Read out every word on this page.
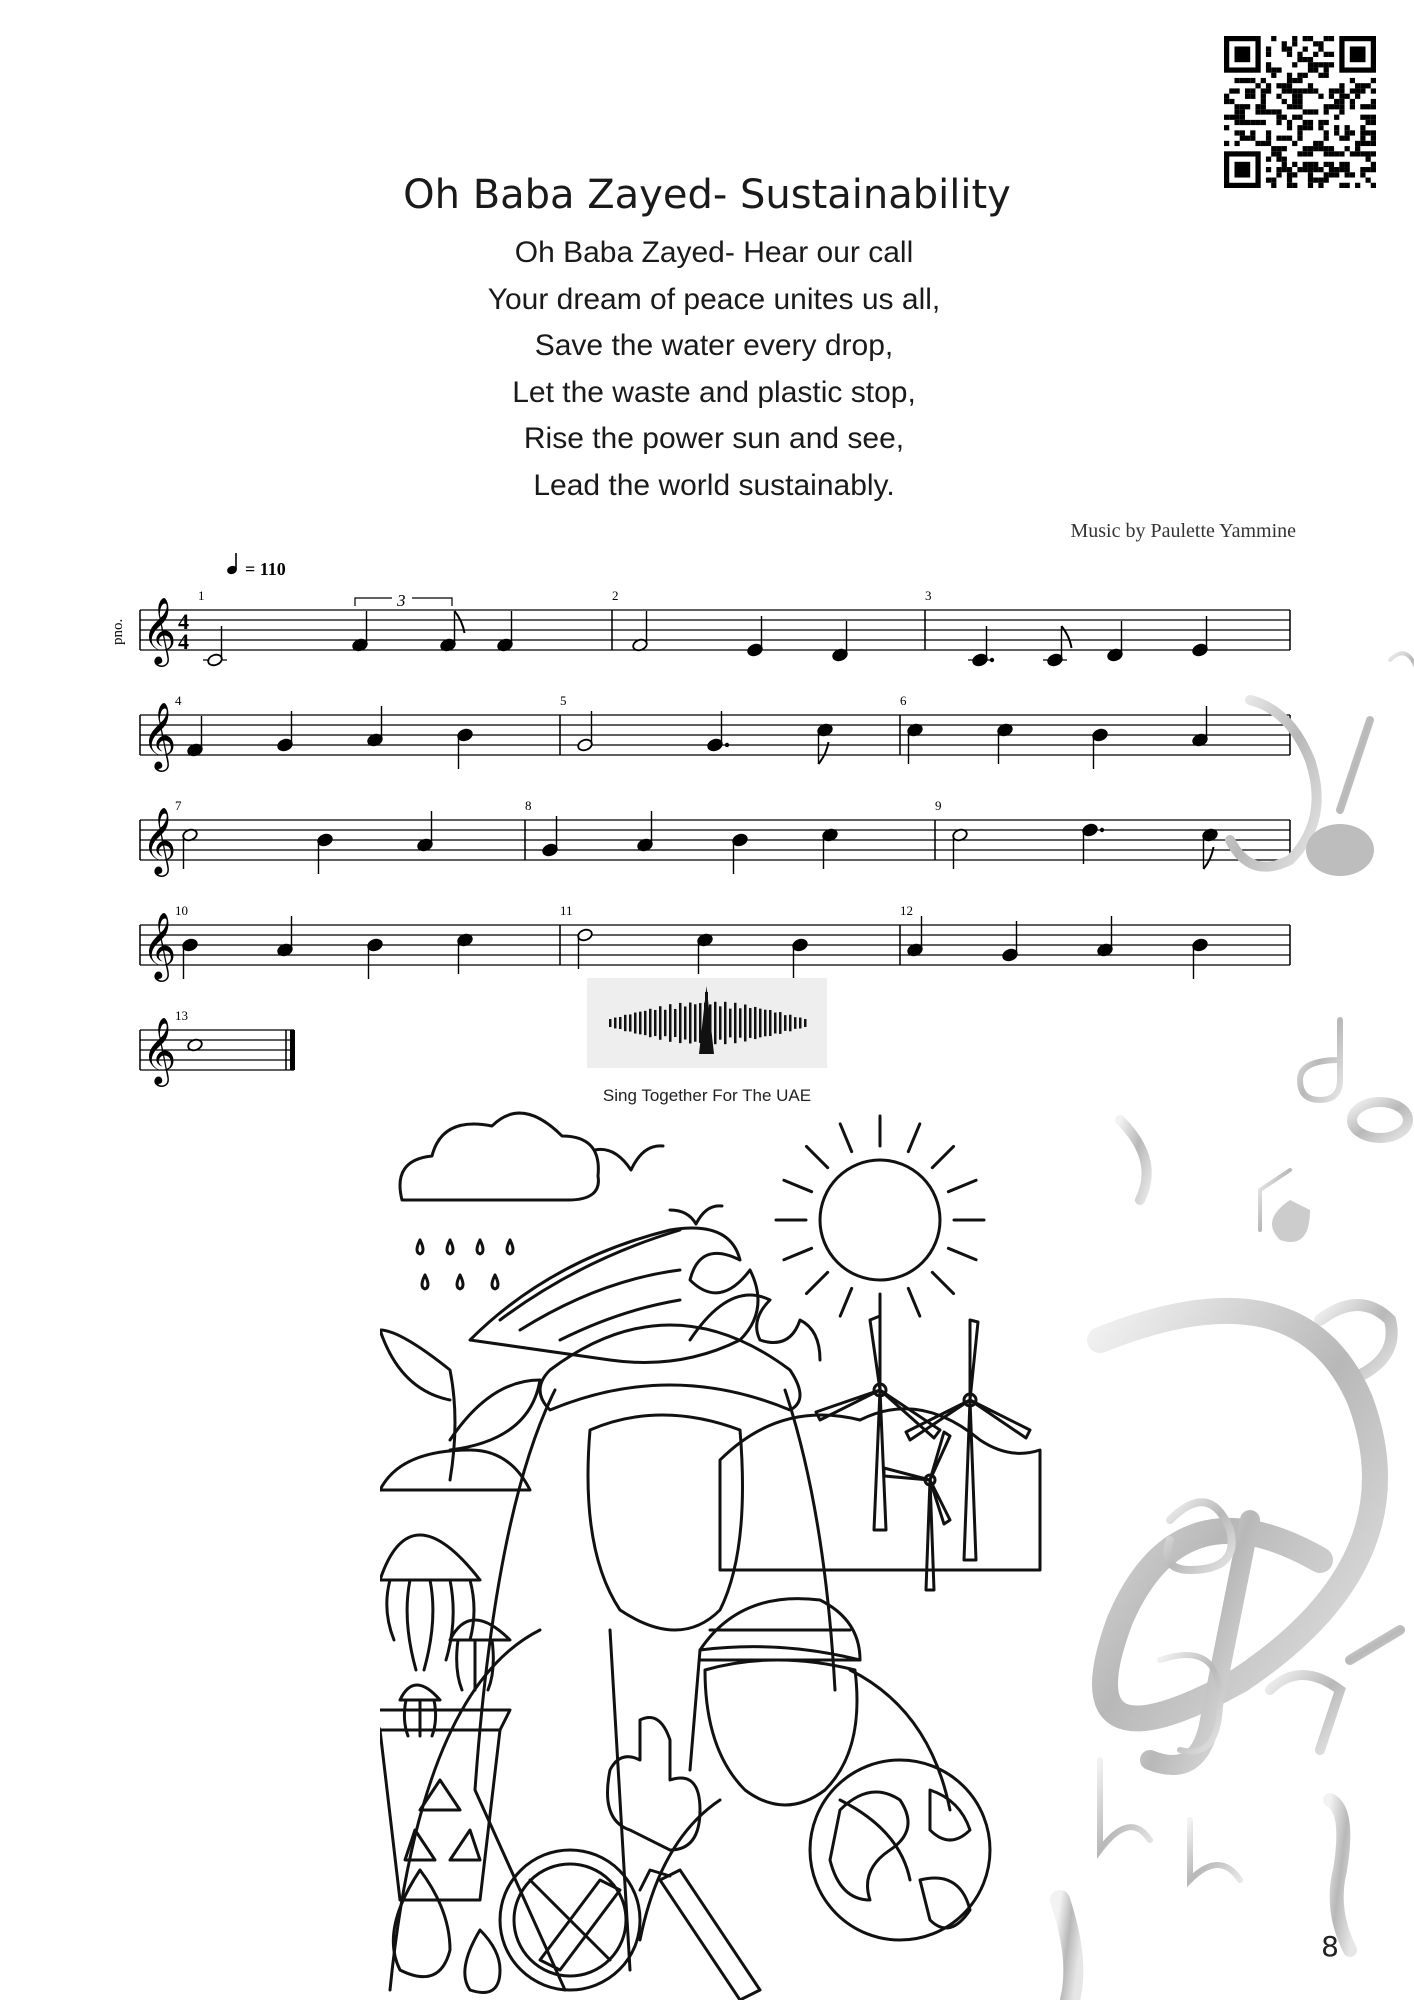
Oh Baba Zayed- Sustainability
Oh Baba Zayed- Hear our call
Your dream of peace unites us all,
Save the water every drop,
Let the waste and plastic stop,
Rise the power sun and see,
Lead the world sustainably.
Music by Paulette Yammine
= 110
pno. 𝄞
1	2	3
4
4
𝄞
4	5	6
𝄞
7	8	9
𝄞
10	11	12
𝄞
13
3
Sing Together For The UAE
8
